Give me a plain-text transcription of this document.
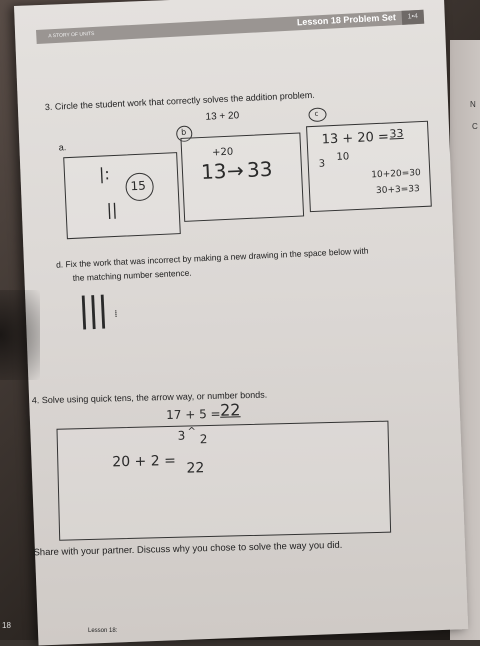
N
C
A STORY OF UNITS
Lesson 18 Problem Set	1•4
3. Circle the student work that correctly solves the addition problem.
13 + 20
a.
b
c
|:
||
15
+20
13 → 33
13 + 20 = 33
3
10
10+20=30
30+3=33
d. Fix the work that was incorrect by making a new drawing in the space below with
the matching number sentence.
||| ⁞
4. Solve using quick tens, the arrow way, or number bonds.
17 + 5 = 22
3 ^
2
20 + 2 = 22
Share with your partner. Discuss why you chose to solve the way you did.
18
Lesson 18:
